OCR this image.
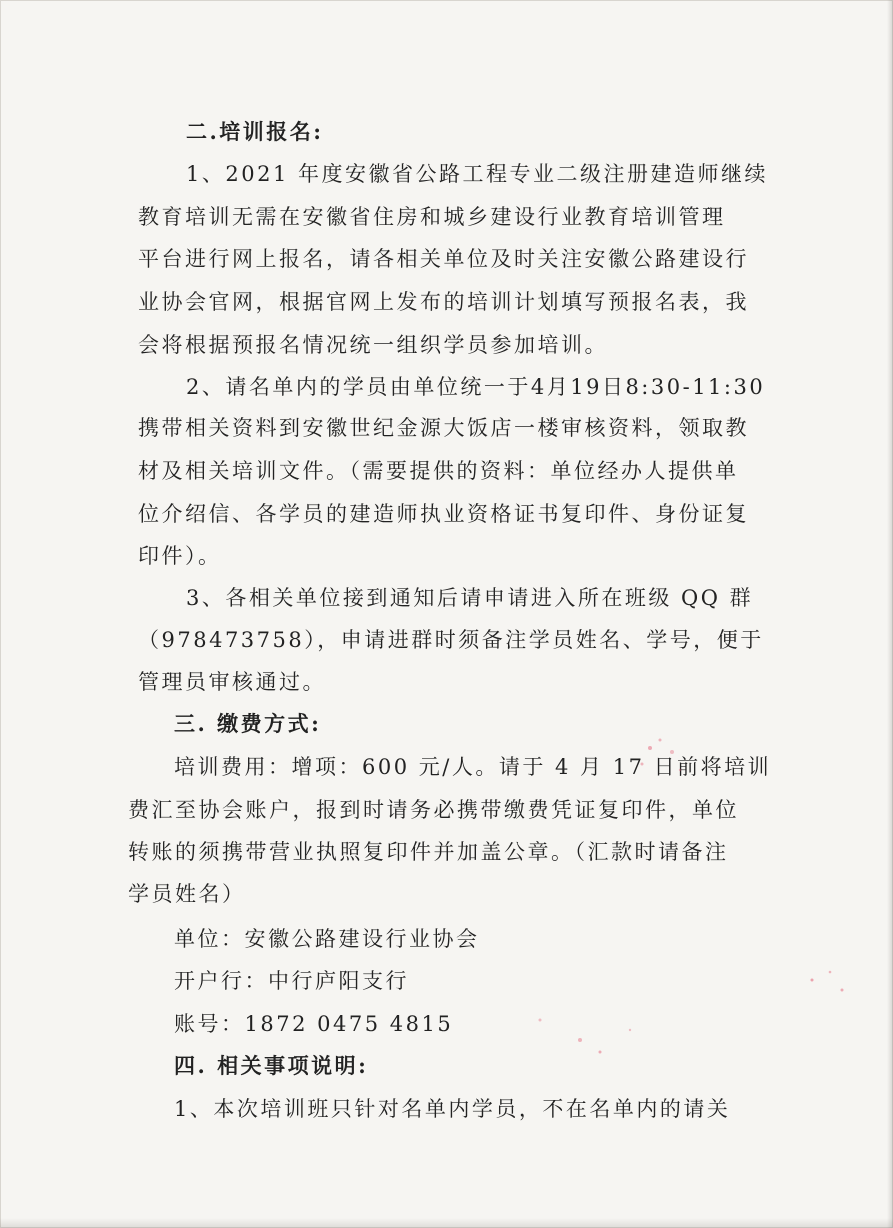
二.培训报名:
1、2021 年度安徽省公路工程专业二级注册建造师继续
教育培训无需在安徽省住房和城乡建设行业教育培训管理
平台进行网上报名，请各相关单位及时关注安徽公路建设行
业协会官网，根据官网上发布的培训计划填写预报名表，我
会将根据预报名情况统一组织学员参加培训。
2、请名单内的学员由单位统一于4月19日8:30-11:30
携带相关资料到安徽世纪金源大饭店一楼审核资料，领取教
材及相关培训文件。（需要提供的资料：单位经办人提供单
位介绍信、各学员的建造师执业资格证书复印件、身份证复
印件）。
3、各相关单位接到通知后请申请进入所在班级 QQ 群
（978473758），申请进群时须备注学员姓名、学号，便于
管理员审核通过。
三. 缴费方式:
培训费用：增项：600 元/人。请于 4 月 17 日前将培训
费汇至协会账户，报到时请务必携带缴费凭证复印件，单位
转账的须携带营业执照复印件并加盖公章。（汇款时请备注
学员姓名）
单位：安徽公路建设行业协会
开户行：中行庐阳支行
账号：1872 0475 4815
四. 相关事项说明:
1、本次培训班只针对名单内学员，不在名单内的请关
